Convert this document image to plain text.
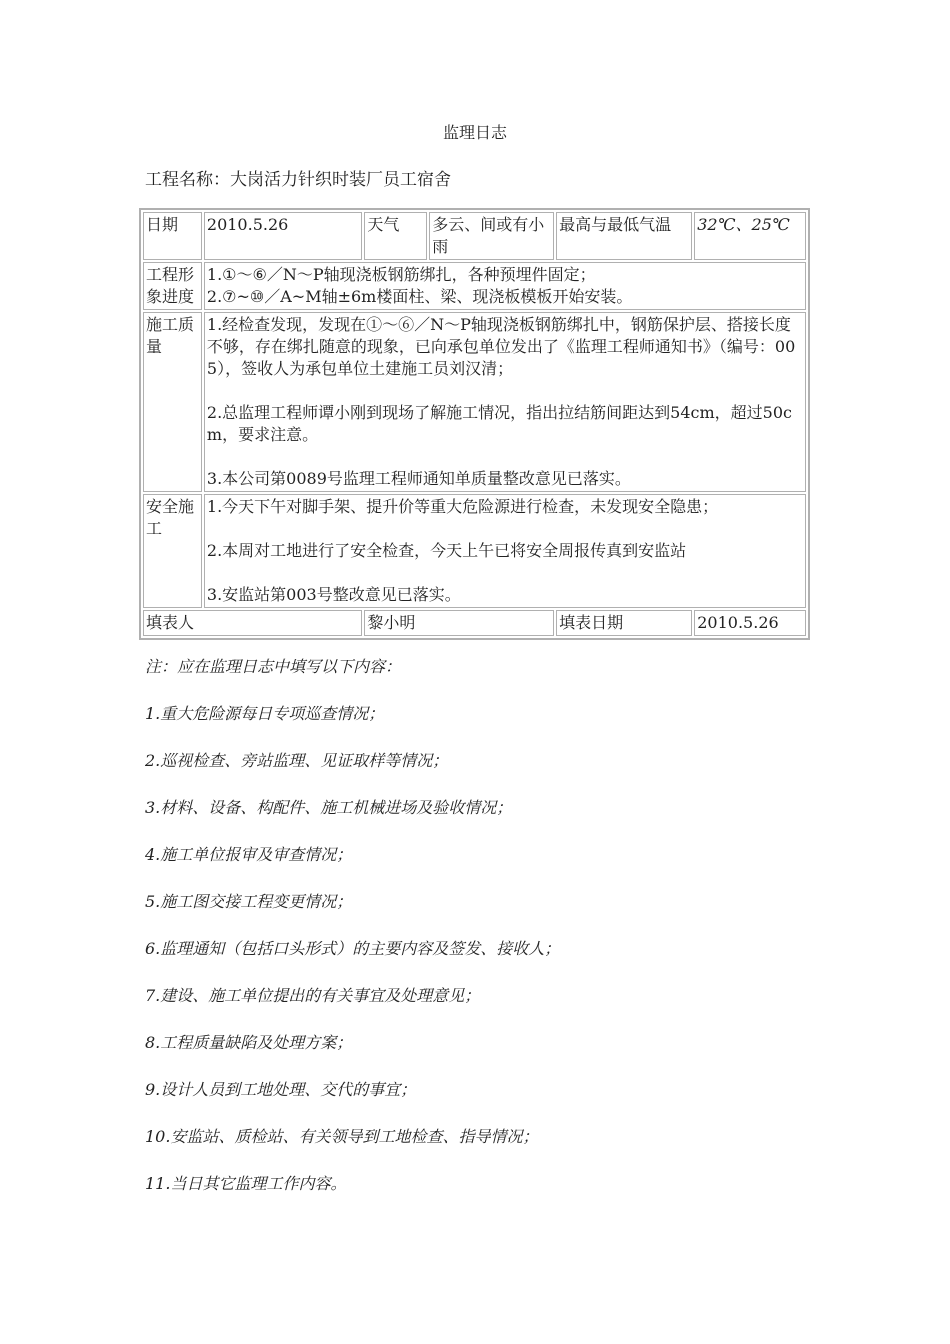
监理日志
工程名称：大岗活力针织时装厂员工宿舍
日期	2010.5.26	天气	多云、间或有小雨	最高与最低气温	32℃、25℃
工程形象进度	1.①～⑥／N～P轴现浇板钢筋绑扎，各种预埋件固定；
2.⑦~⑩／A~M轴±6m楼面柱、梁、现浇板模板开始安装。				

施工质量	1.经检查发现，发现在①～⑥／N～P轴现浇板钢筋绑扎中，钢筋保护层、搭接长度不够，存在绑扎随意的现象，已向承包单位发出了《监理工程师通知书》（编号：005），签收人为承包单位土建施工员刘汉清；
2.总监理工程师谭小刚到现场了解施工情况，指出拉结筋间距达到54cm，超过50cm，要求注意。
3.本公司第0089号监理工程师通知单质量整改意见已落实。				

安全施工	1.今天下午对脚手架、提升价等重大危险源进行检查，未发现安全隐患；
2.本周对工地进行了安全检查，今天上午已将安全周报传真到安监站
3.安监站第003号整改意见已落实。				

填表人		黎小明		填表日期	2010.5.26

注：应在监理日志中填写以下内容：

1.重大危险源每日专项巡查情况；

2.巡视检查、旁站监理、见证取样等情况；

3.材料、设备、构配件、施工机械进场及验收情况；

4.施工单位报审及审查情况；

5.施工图交接工程变更情况；

6.监理通知（包括口头形式）的主要内容及签发、接收人；

7.建设、施工单位提出的有关事宜及处理意见；

8.工程质量缺陷及处理方案；

9.设计人员到工地处理、交代的事宜；

10.安监站、质检站、有关领导到工地检查、指导情况；

11.当日其它监理工作内容。
